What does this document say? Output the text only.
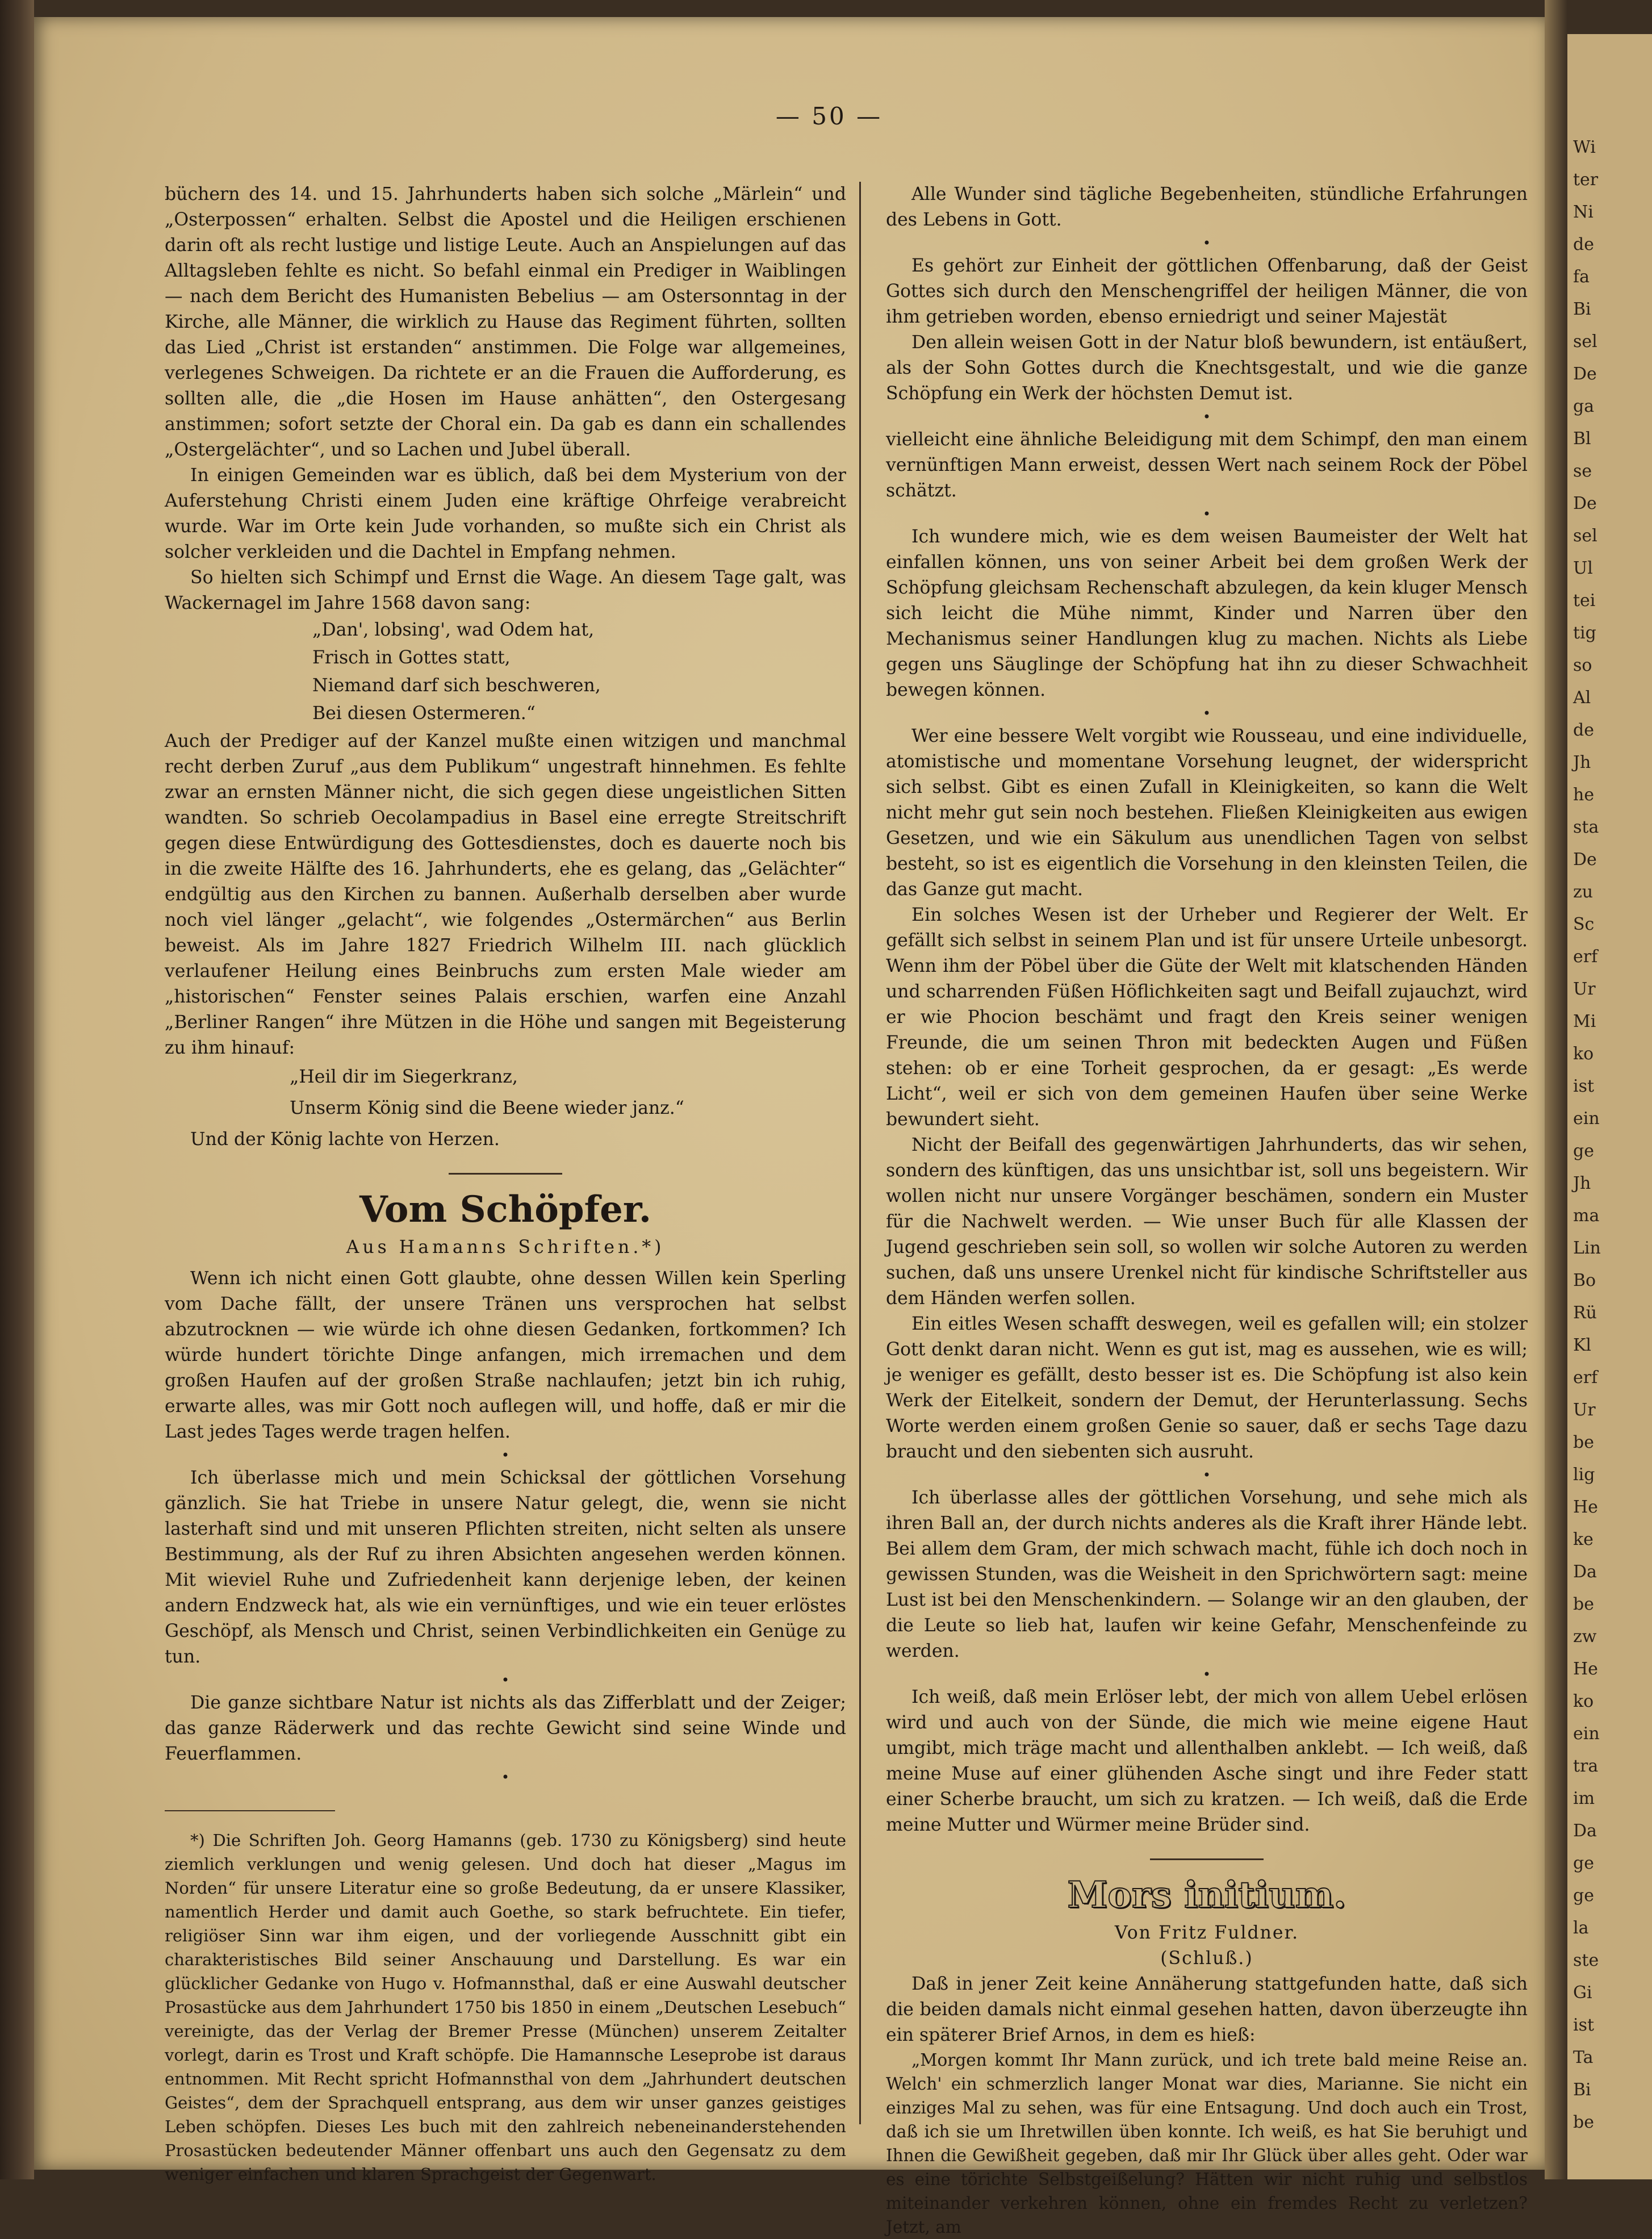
— 50 —

büchern des 14. und 15. Jahrhunderts haben sich solche „Märlein“ und „Osterpossen“ erhalten. Selbst die Apostel und die Heiligen erschienen darin oft als recht lustige und listige Leute. Auch an Anspielungen auf das Alltagsleben fehlte es nicht. So befahl einmal ein Prediger in Waiblingen — nach dem Bericht des Humanisten Bebelius — am Ostersonntag in der Kirche, alle Männer, die wirklich zu Hause das Regiment führten, sollten das Lied „Christ ist erstanden“ anstimmen. Die Folge war allgemeines, verlegenes Schweigen. Da richtete er an die Frauen die Aufforderung, es sollten alle, die „die Hosen im Hause anhätten“, den Ostergesang anstimmen; sofort setzte der Choral ein. Da gab es dann ein schallendes „Ostergelächter“, und so Lachen und Jubel überall.

In einigen Gemeinden war es üblich, daß bei dem Mysterium von der Auferstehung Christi einem Juden eine kräftige Ohrfeige verabreicht wurde. War im Orte kein Jude vorhanden, so mußte sich ein Christ als solcher verkleiden und die Dachtel in Empfang nehmen.

So hielten sich Schimpf und Ernst die Wage. An diesem Tage galt, was Wackernagel im Jahre 1568 davon sang:

„Dan', lobsing', wad Odem hat,
Frisch in Gottes statt,
Niemand darf sich beschweren,
Bei diesen Ostermeren.“

Auch der Prediger auf der Kanzel mußte einen witzigen und manchmal recht derben Zuruf „aus dem Publikum“ ungestraft hinnehmen. Es fehlte zwar an ernsten Männer nicht, die sich gegen diese ungeistlichen Sitten wandten. So schrieb Oecolampadius in Basel eine erregte Streitschrift gegen diese Entwürdigung des Gottesdienstes, doch es dauerte noch bis in die zweite Hälfte des 16. Jahrhunderts, ehe es gelang, das „Gelächter“ endgültig aus den Kirchen zu bannen. Außerhalb derselben aber wurde noch viel länger „gelacht“, wie folgendes „Ostermärchen“ aus Berlin beweist. Als im Jahre 1827 Friedrich Wilhelm III. nach glücklich verlaufener Heilung eines Beinbruchs zum ersten Male wieder am „historischen“ Fenster seines Palais erschien, warfen eine Anzahl „Berliner Rangen“ ihre Mützen in die Höhe und sangen mit Begeisterung zu ihm hinauf:

„Heil dir im Siegerkranz,
Unserm König sind die Beene wieder janz.“

Und der König lachte von Herzen.

Vom Schöpfer.
Aus Hamanns Schriften.*)

Wenn ich nicht einen Gott glaubte, ohne dessen Willen kein Sperling vom Dache fällt, der unsere Tränen uns versprochen hat selbst abzutrocknen — wie würde ich ohne diesen Gedanken, fortkommen? Ich würde hundert törichte Dinge anfangen, mich irremachen und dem großen Haufen auf der großen Straße nachlaufen; jetzt bin ich ruhig, erwarte alles, was mir Gott noch auflegen will, und hoffe, daß er mir die Last jedes Tages werde tragen helfen.

•

Ich überlasse mich und mein Schicksal der göttlichen Vorsehung gänzlich. Sie hat Triebe in unsere Natur gelegt, die, wenn sie nicht lasterhaft sind und mit unseren Pflichten streiten, nicht selten als unsere Bestimmung, als der Ruf zu ihren Absichten angesehen werden können. Mit wieviel Ruhe und Zufriedenheit kann derjenige leben, der keinen andern Endzweck hat, als wie ein vernünftiges, und wie ein teuer erlöstes Geschöpf, als Mensch und Christ, seinen Verbindlichkeiten ein Genüge zu tun.

•

Die ganze sichtbare Natur ist nichts als das Zifferblatt und der Zeiger; das ganze Räderwerk und das rechte Gewicht sind seine Winde und Feuerflammen.

•

*) Die Schriften Joh. Georg Hamanns (geb. 1730 zu Königsberg) sind heute ziemlich verklungen und wenig gelesen. Und doch hat dieser „Magus im Norden“ für unsere Literatur eine so große Bedeutung, da er unsere Klassiker, namentlich Herder und damit auch Goethe, so stark befruchtete. Ein tiefer, religiöser Sinn war ihm eigen, und der vorliegende Ausschnitt gibt ein charakteristisches Bild seiner Anschauung und Darstellung. Es war ein glücklicher Gedanke von Hugo v. Hofmannsthal, daß er eine Auswahl deutscher Prosastücke aus dem Jahrhundert 1750 bis 1850 in einem „Deutschen Lesebuch“ vereinigte, das der Verlag der Bremer Presse (München) unserem Zeitalter vorlegt, darin es Trost und Kraft schöpfe. Die Hamannsche Leseprobe ist daraus entnommen. Mit Recht spricht Hofmannsthal von dem „Jahrhundert deutschen Geistes“, dem der Sprachquell entsprang, aus dem wir unser ganzes geistiges Leben schöpfen. Dieses Les buch mit den zahlreich nebeneinanderstehenden Prosastücken bedeutender Männer offenbart uns auch den Gegensatz zu dem weniger einfachen und klaren Sprachgeist der Gegenwart.

Alle Wunder sind tägliche Begebenheiten, stündliche Erfahrungen des Lebens in Gott.

•

Es gehört zur Einheit der göttlichen Offenbarung, daß der Geist Gottes sich durch den Menschengriffel der heiligen Männer, die von ihm getrieben worden, ebenso erniedrigt und seiner Majestät

Den allein weisen Gott in der Natur bloß bewundern, ist entäußert, als der Sohn Gottes durch die Knechtsgestalt, und wie die ganze Schöpfung ein Werk der höchsten Demut ist.

•

vielleicht eine ähnliche Beleidigung mit dem Schimpf, den man einem vernünftigen Mann erweist, dessen Wert nach seinem Rock der Pöbel schätzt.

•

Ich wundere mich, wie es dem weisen Baumeister der Welt hat einfallen können, uns von seiner Arbeit bei dem großen Werk der Schöpfung gleichsam Rechenschaft abzulegen, da kein kluger Mensch sich leicht die Mühe nimmt, Kinder und Narren über den Mechanismus seiner Handlungen klug zu machen. Nichts als Liebe gegen uns Säuglinge der Schöpfung hat ihn zu dieser Schwachheit bewegen können.

•

Wer eine bessere Welt vorgibt wie Rousseau, und eine individuelle, atomistische und momentane Vorsehung leugnet, der widerspricht sich selbst. Gibt es einen Zufall in Kleinigkeiten, so kann die Welt nicht mehr gut sein noch bestehen. Fließen Kleinigkeiten aus ewigen Gesetzen, und wie ein Säkulum aus unendlichen Tagen von selbst besteht, so ist es eigentlich die Vorsehung in den kleinsten Teilen, die das Ganze gut macht.

Ein solches Wesen ist der Urheber und Regierer der Welt. Er gefällt sich selbst in seinem Plan und ist für unsere Urteile unbesorgt. Wenn ihm der Pöbel über die Güte der Welt mit klatschenden Händen und scharrenden Füßen Höflichkeiten sagt und Beifall zujauchzt, wird er wie Phocion beschämt und fragt den Kreis seiner wenigen Freunde, die um seinen Thron mit bedeckten Augen und Füßen stehen: ob er eine Torheit gesprochen, da er gesagt: „Es werde Licht“, weil er sich von dem gemeinen Haufen über seine Werke bewundert sieht.

Nicht der Beifall des gegenwärtigen Jahrhunderts, das wir sehen, sondern des künftigen, das uns unsichtbar ist, soll uns begeistern. Wir wollen nicht nur unsere Vorgänger beschämen, sondern ein Muster für die Nachwelt werden. — Wie unser Buch für alle Klassen der Jugend geschrieben sein soll, so wollen wir solche Autoren zu werden suchen, daß uns unsere Urenkel nicht für kindische Schriftsteller aus dem Händen werfen sollen.

Ein eitles Wesen schafft deswegen, weil es gefallen will; ein stolzer Gott denkt daran nicht. Wenn es gut ist, mag es aussehen, wie es will; je weniger es gefällt, desto besser ist es. Die Schöpfung ist also kein Werk der Eitelkeit, sondern der Demut, der Herunterlassung. Sechs Worte werden einem großen Genie so sauer, daß er sechs Tage dazu braucht und den siebenten sich ausruht.

•

Ich überlasse alles der göttlichen Vorsehung, und sehe mich als ihren Ball an, der durch nichts anderes als die Kraft ihrer Hände lebt. Bei allem dem Gram, der mich schwach macht, fühle ich doch noch in gewissen Stunden, was die Weisheit in den Sprichwörtern sagt: meine Lust ist bei den Menschenkindern. — Solange wir an den glauben, der die Leute so lieb hat, laufen wir keine Gefahr, Menschenfeinde zu werden.

•

Ich weiß, daß mein Erlöser lebt, der mich von allem Uebel erlösen wird und auch von der Sünde, die mich wie meine eigene Haut umgibt, mich träge macht und allenthalben anklebt. — Ich weiß, daß meine Muse auf einer glühenden Asche singt und ihre Feder statt einer Scherbe braucht, um sich zu kratzen. — Ich weiß, daß die Erde meine Mutter und Würmer meine Brüder sind.

Mors initium.
Von Fritz Fuldner.
(Schluß.)

Daß in jener Zeit keine Annäherung stattgefunden hatte, daß sich die beiden damals nicht einmal gesehen hatten, davon überzeugte ihn ein späterer Brief Arnos, in dem es hieß:

„Morgen kommt Ihr Mann zurück, und ich trete bald meine Reise an. Welch' ein schmerzlich langer Monat war dies, Marianne. Sie nicht ein einziges Mal zu sehen, was für eine Entsagung. Und doch auch ein Trost, daß ich sie um Ihretwillen üben konnte. Ich weiß, es hat Sie beruhigt und Ihnen die Gewißheit gegeben, daß mir Ihr Glück über alles geht. Oder war es eine törichte Selbstgeißelung? Hätten wir nicht ruhig und selbstlos miteinander verkehren können, ohne ein fremdes Recht zu verletzen? Jetzt, am

Wi
ter
Ni
de
fa
Bi
sel
De
ga
Bl
se
De
sel
Ul
tei
tig
so
Al
de
Jh
he
sta
De
zu
Sc
erf
Ur
Mi
ko
ist
ein
ge
Jh
ma
Lin
Bo
Rü
Kl
erf
Ur
be
lig
He
ke
Da
be
zw
He
ko
ein
tra
im
Da
ge
ge
la
ste
Gi
ist
Ta
Bi
be
